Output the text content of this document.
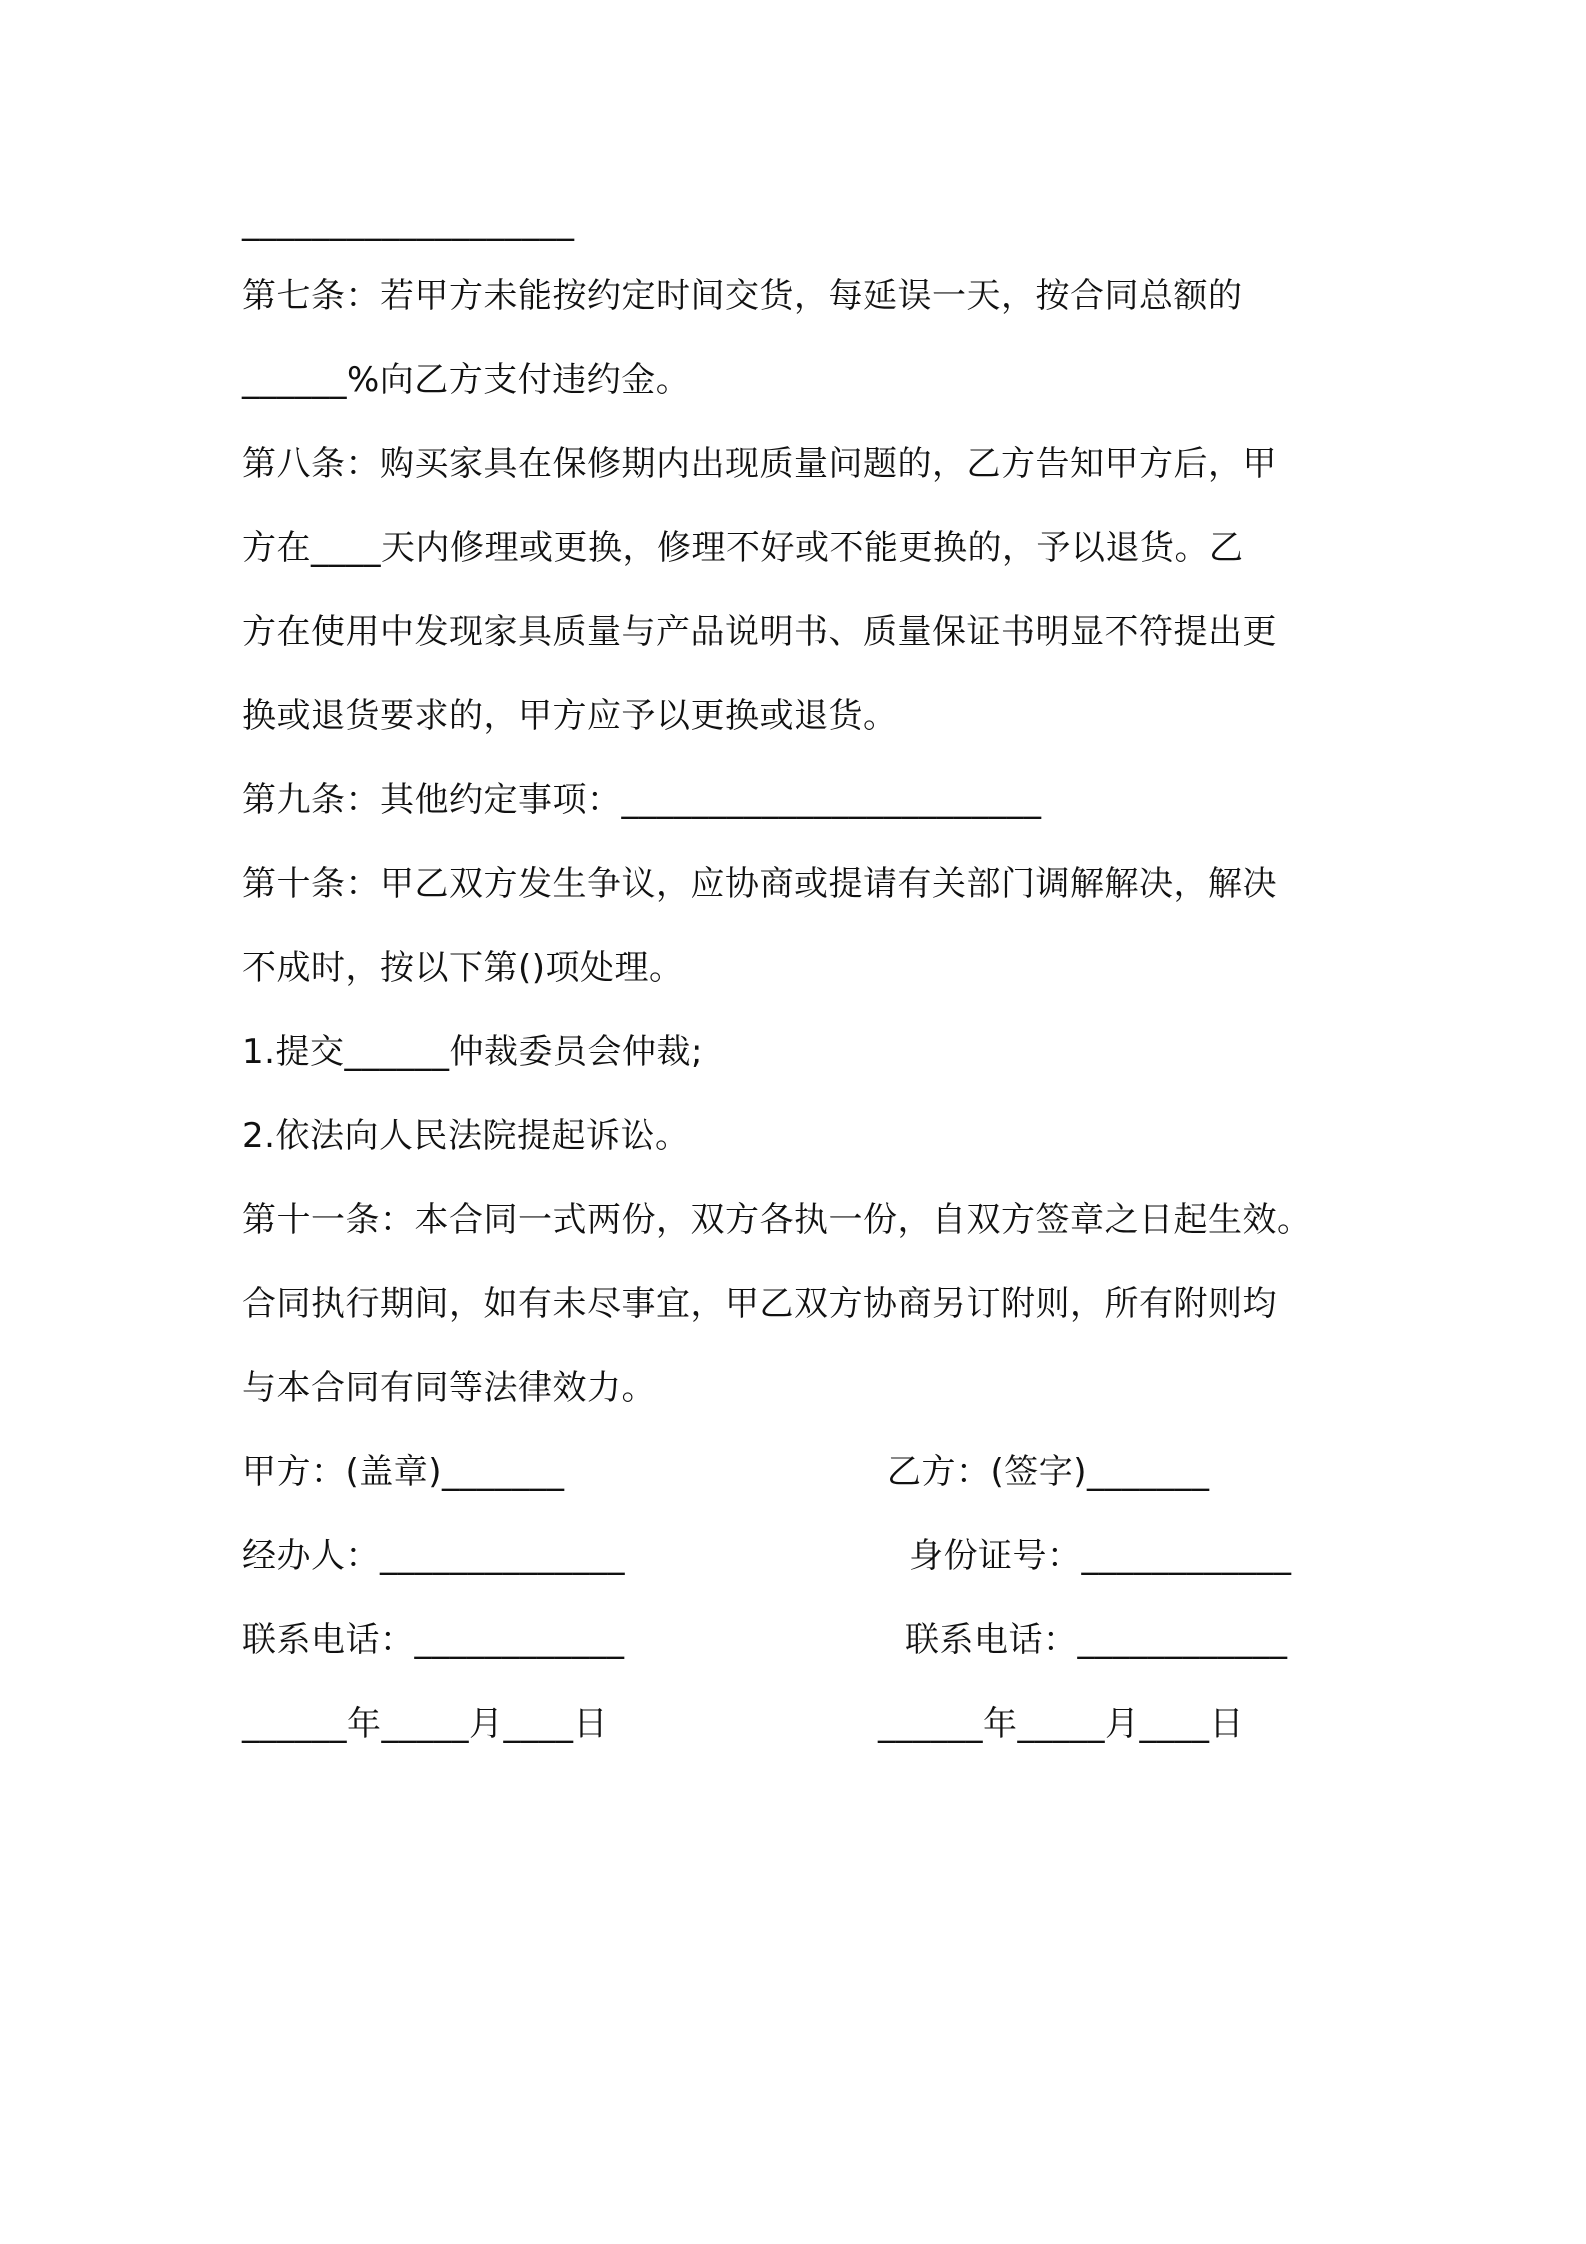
___________________
第七条：若甲方未能按约定时间交货，每延误一天，按合同总额的
______%向乙方支付违约金。
第八条：购买家具在保修期内出现质量问题的，乙方告知甲方后，甲
方在____天内修理或更换，修理不好或不能更换的，予以退货。乙
方在使用中发现家具质量与产品说明书、质量保证书明显不符提出更
换或退货要求的，甲方应予以更换或退货。
第九条：其他约定事项：________________________
第十条：甲乙双方发生争议，应协商或提请有关部门调解解决，解决
不成时，按以下第()项处理。
1.提交______仲裁委员会仲裁;
2.依法向人民法院提起诉讼。
第十一条：本合同一式两份，双方各执一份，自双方签章之日起生效。
合同执行期间，如有未尽事宜，甲乙双方协商另订附则，所有附则均
与本合同有同等法律效力。
甲方：(盖章)_______	乙方：(签字)_______
经办人：______________	身份证号：____________
联系电话：____________	联系电话：____________
______年_____月____日	______年_____月____日
